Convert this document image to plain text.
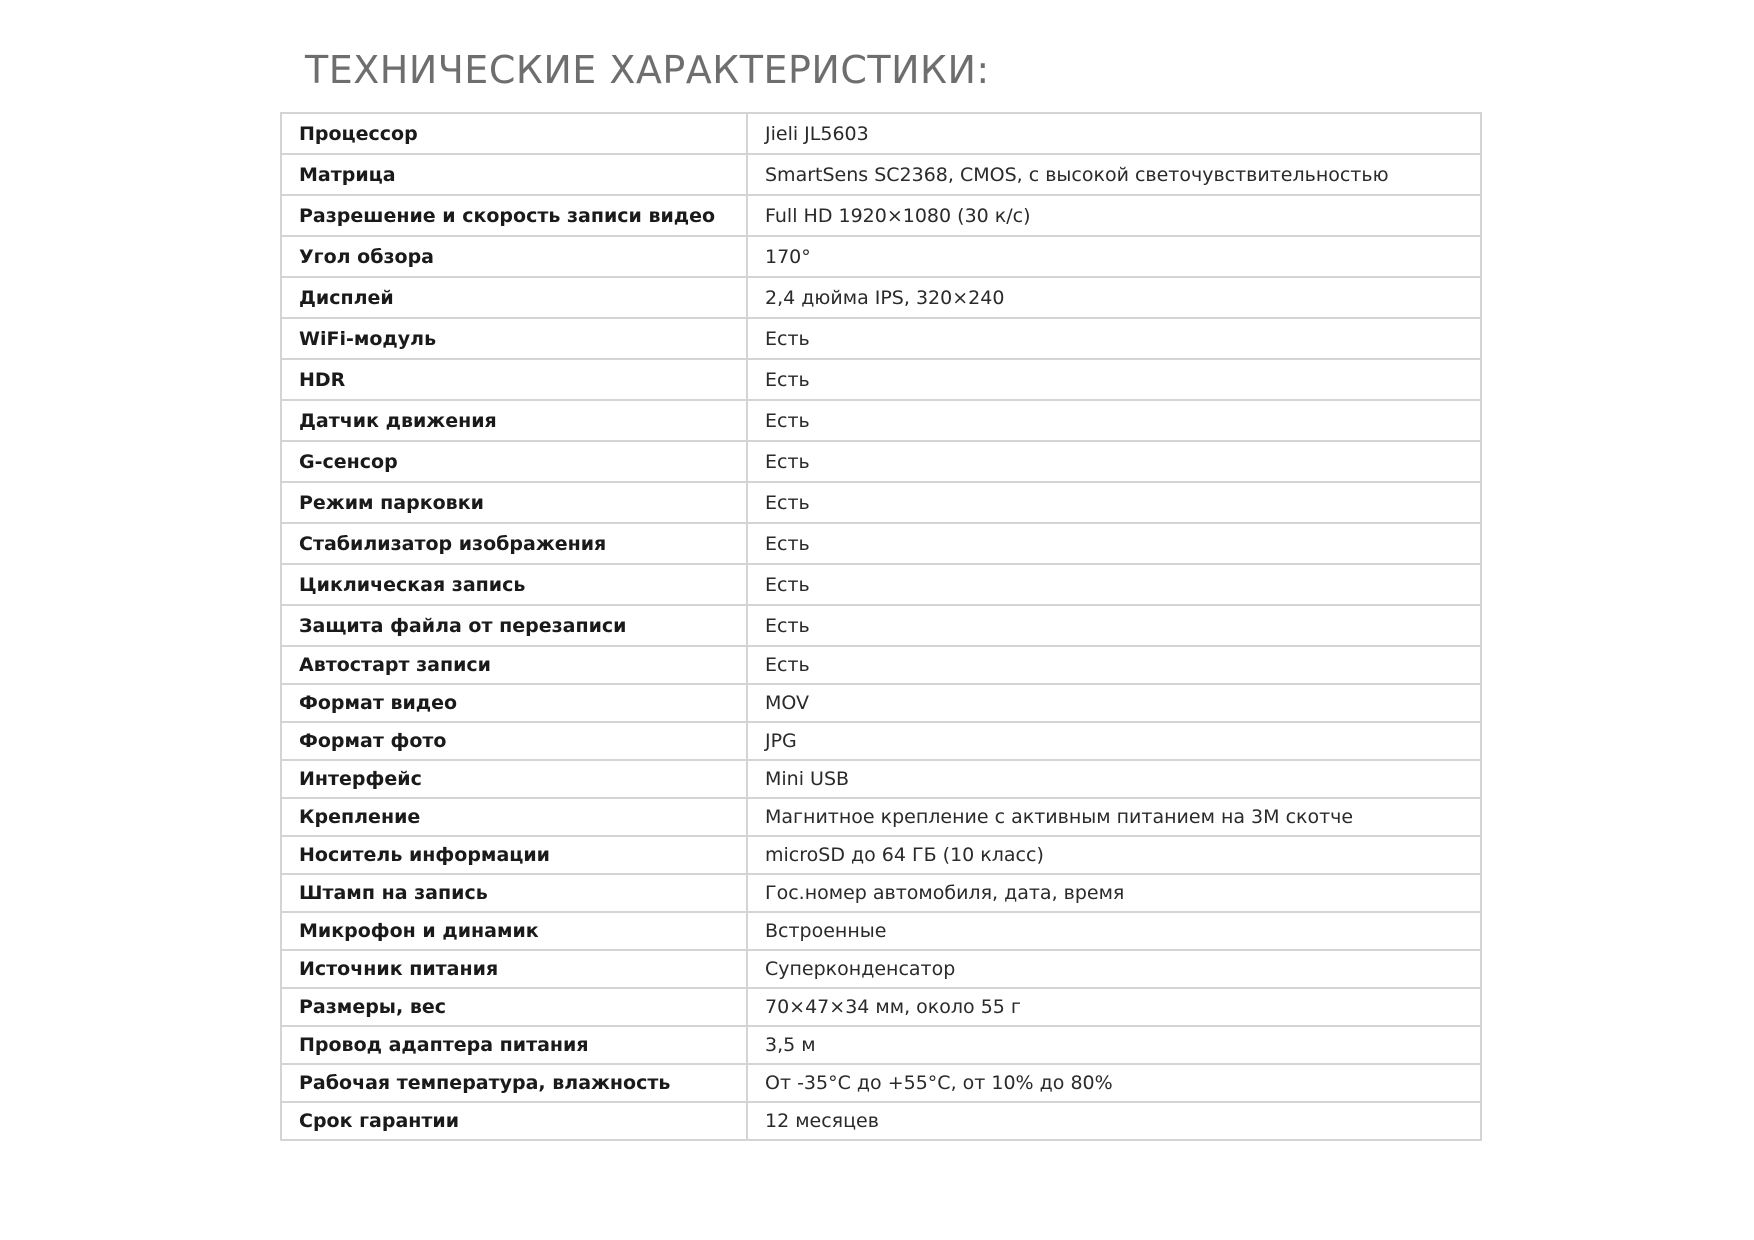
ТЕХНИЧЕСКИЕ ХАРАКТЕРИСТИКИ:
Процессор	Jieli JL5603
Матрица	SmartSens SC2368, CMOS, с высокой светочувствительностью
Разрешение и скорость записи видео	Full HD 1920×1080 (30 к/с)
Угол обзора	170°
Дисплей	2,4 дюйма IPS, 320×240
WiFi-модуль	Есть
HDR	Есть
Датчик движения	Есть
G-сенсор	Есть
Режим парковки	Есть
Стабилизатор изображения	Есть
Циклическая запись	Есть
Защита файла от перезаписи	Есть
Автостарт записи	Есть
Формат видео	MOV
Формат фото	JPG
Интерфейс	Mini USB
Крепление	Магнитное крепление с активным питанием на 3М скотче
Носитель информации	microSD до 64 ГБ (10 класс)
Штамп на запись	Гос.номер автомобиля, дата, время
Микрофон и динамик	Встроенные
Источник питания	Суперконденсатор
Размеры, вес	70×47×34 мм, около 55 г
Провод адаптера питания	3,5 м
Рабочая температура, влажность	От -35°С до +55°С, от 10% до 80%
Срок гарантии	12 месяцев
